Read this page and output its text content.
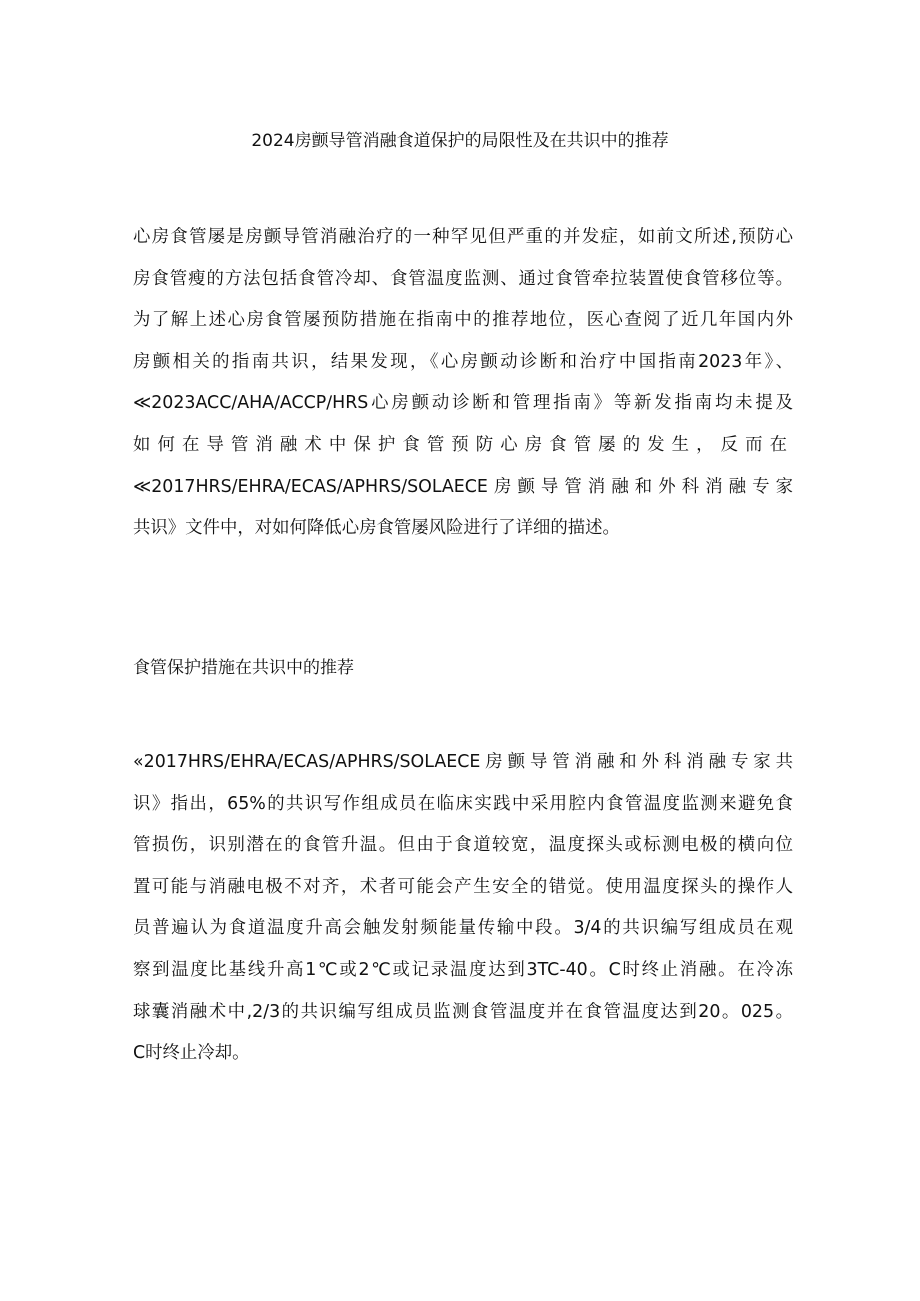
2024房颤导管消融食道保护的局限性及在共识中的推荐
心房食管屡是房颤导管消融治疗的一种罕见但严重的并发症，如前文所述,预防心
房食管瘦的方法包括食管冷却、食管温度监测、通过食管牵拉装置使食管移位等。
为了解上述心房食管屡预防措施在指南中的推荐地位，医心查阅了近几年国内外
房颤相关的指南共识，结果发现，《心房颤动诊断和治疗中国指南2023年》、
≪2023ACC∕AHA∕ACCP∕HRS心房颤动诊断和管理指南》等新发指南均未提及
如何在导管消融术中保护食管预防心房食管屡的发生，反而在
≪2017HRS/EHRA/ECAS/APHRS/SOLAECE房颤导管消融和外科消融专家
共识》文件中，对如何降低心房食管屡风险进行了详细的描述。
食管保护措施在共识中的推荐
«2017HRS/EHRA/ECAS/APHRS/SOLAECE房颤导管消融和外科消融专家共
识》指出，65%的共识写作组成员在临床实践中采用腔内食管温度监测来避免食
管损伤，识别潜在的食管升温。但由于食道较宽，温度探头或标测电极的横向位
置可能与消融电极不对齐，术者可能会产生安全的错觉。使用温度探头的操作人
员普遍认为食道温度升高会触发射频能量传输中段。3/4的共识编写组成员在观
察到温度比基线升高1℃或2℃或记录温度达到3TC-40。C时终止消融。在冷冻
球囊消融术中,2/3的共识编写组成员监测食管温度并在食管温度达到20。025。
C时终止冷却。
